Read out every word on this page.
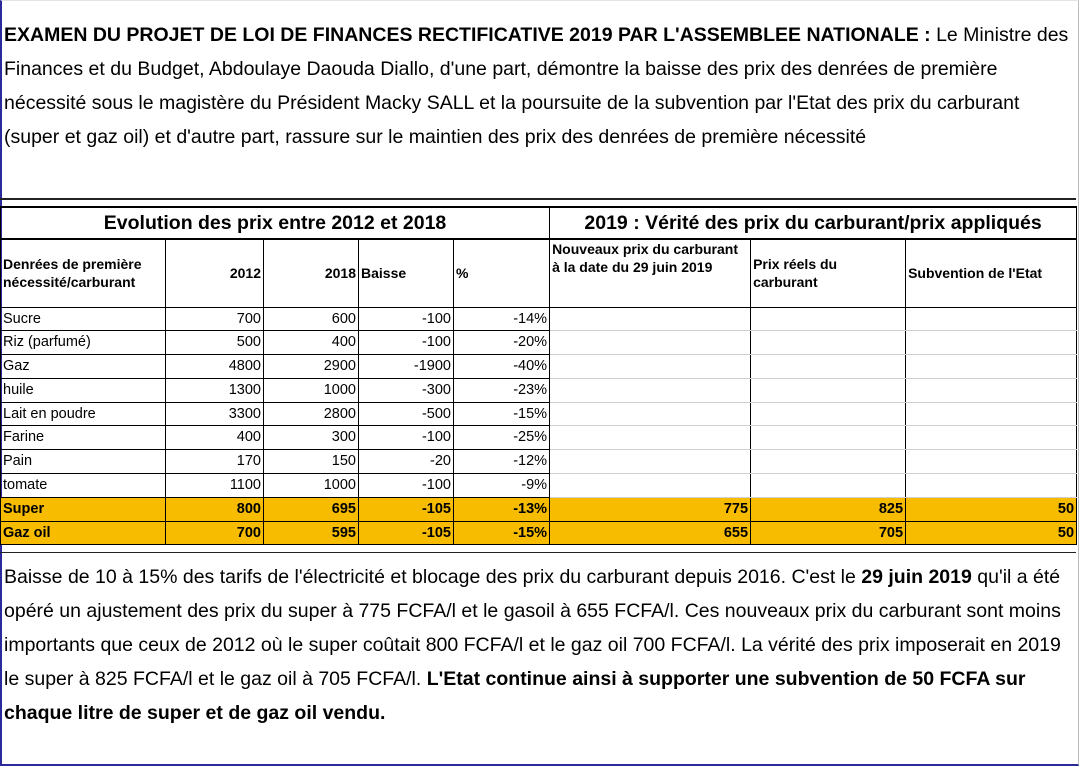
EXAMEN DU PROJET DE LOI DE FINANCES RECTIFICATIVE 2019 PAR L'ASSEMBLEE NATIONALE : Le Ministre des Finances et du Budget, Abdoulaye Daouda Diallo, d'une part, démontre la baisse des prix des denrées de première nécessité sous le magistère du Président Macky SALL et la poursuite de la subvention par l'Etat des prix du carburant (super et gaz oil) et d'autre part, rassure sur le maintien des prix des denrées de première nécessité
Evolution des prix entre 2012 et 2018					2019 : Vérité des prix du carburant/prix appliqués		
Denrées de première nécessité/carburant	2012	2018	Baisse	%	Nouveaux prix du carburant à la date du 29 juin 2019	Prix réels du carburant	Subvention de l'Etat
Sucre	700	600	-100	-14%			
Riz (parfumé)	500	400	-100	-20%			
Gaz	4800	2900	-1900	-40%			
huile	1300	1000	-300	-23%			
Lait en poudre	3300	2800	-500	-15%			
Farine	400	300	-100	-25%			
Pain	170	150	-20	-12%			
tomate	1100	1000	-100	-9%			
Super	800	695	-105	-13%	775	825	50
Gaz oil	700	595	-105	-15%	655	705	50
Baisse de 10 à 15% des tarifs de l'électricité et blocage des prix du carburant depuis 2016. C'est le 29 juin 2019 qu'il a été opéré un ajustement des prix du super à 775 FCFA/l et le gasoil à 655 FCFA/l. Ces nouveaux prix du carburant sont moins importants que ceux de 2012 où le super coûtait 800 FCFA/l et le gaz oil 700 FCFA/l. La vérité des prix imposerait en 2019 le super à 825 FCFA/l et le gaz oil à 705 FCFA/l. L'Etat continue ainsi à supporter une subvention de 50 FCFA sur chaque litre de super et de gaz oil vendu.
